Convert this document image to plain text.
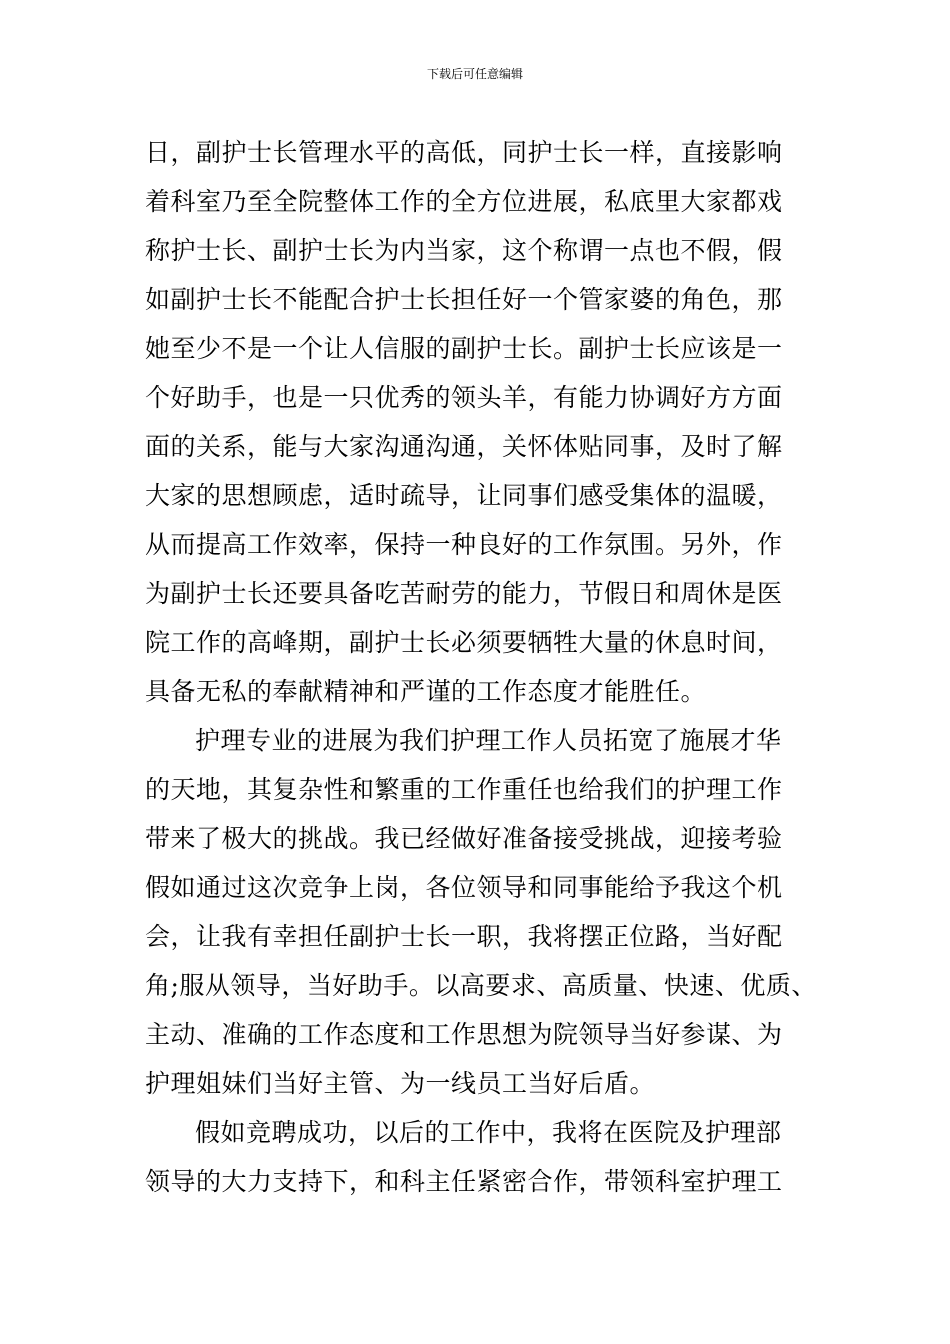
下载后可任意编辑
日，副护士长管理水平的高低，同护士长一样，直接影响
着科室乃至全院整体工作的全方位进展，私底里大家都戏
称护士长、副护士长为内当家，这个称谓一点也不假，假
如副护士长不能配合护士长担任好一个管家婆的角色，那
她至少不是一个让人信服的副护士长。副护士长应该是一
个好助手，也是一只优秀的领头羊，有能力协调好方方面
面的关系，能与大家沟通沟通，关怀体贴同事，及时了解
大家的思想顾虑，适时疏导，让同事们感受集体的温暖，
从而提高工作效率，保持一种良好的工作氛围。另外，作
为副护士长还要具备吃苦耐劳的能力，节假日和周休是医
院工作的高峰期，副护士长必须要牺牲大量的休息时间，
具备无私的奉献精神和严谨的工作态度才能胜任。
护理专业的进展为我们护理工作人员拓宽了施展才华
的天地，其复杂性和繁重的工作重任也给我们的护理工作
带来了极大的挑战。我已经做好准备接受挑战，迎接考验
假如通过这次竞争上岗，各位领导和同事能给予我这个机
会，让我有幸担任副护士长一职，我将摆正位路，当好配
角;服从领导，当好助手。以高要求、高质量、快速、优质、
主动、准确的工作态度和工作思想为院领导当好参谋、为
护理姐妹们当好主管、为一线员工当好后盾。
假如竞聘成功，以后的工作中，我将在医院及护理部
领导的大力支持下，和科主任紧密合作，带领科室护理工
